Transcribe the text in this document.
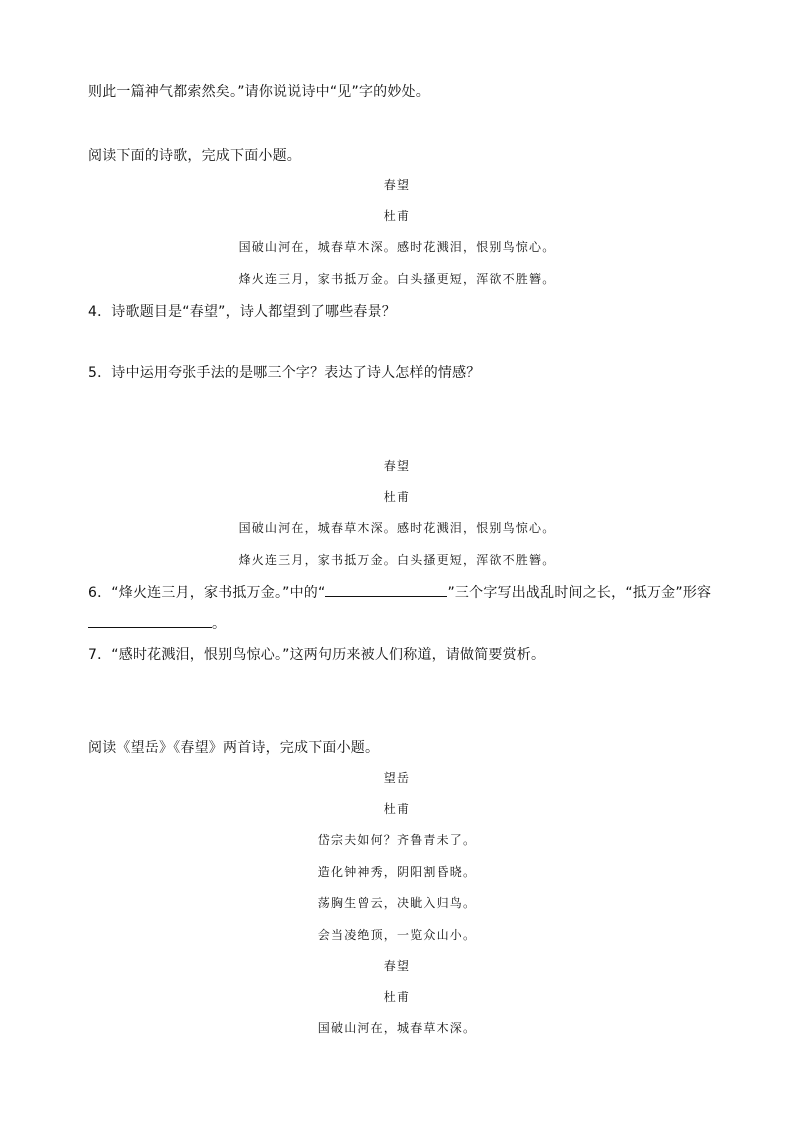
则此一篇神气都索然矣。”请你说说诗中“见”字的妙处。
阅读下面的诗歌，完成下面小题。
春望
杜甫
国破山河在，城春草木深。感时花溅泪，恨别鸟惊心。
烽火连三月，家书抵万金。白头搔更短，浑欲不胜簪。
4．诗歌题目是“春望”，诗人都望到了哪些春景？
5．诗中运用夸张手法的是哪三个字？表达了诗人怎样的情感？
春望
杜甫
国破山河在，城春草木深。感时花溅泪，恨别鸟惊心。
烽火连三月，家书抵万金。白头搔更短，浑欲不胜簪。
6．“烽火连三月，家书抵万金。”中的“	”三个字写出战乱时间之长，“抵万金”形容
。
7．“感时花溅泪，恨别鸟惊心。”这两句历来被人们称道，请做简要赏析。
阅读《望岳》《春望》两首诗，完成下面小题。
望岳
杜甫
岱宗夫如何？齐鲁青未了。
造化钟神秀，阴阳割昏晓。
荡胸生曾云，决眦入归鸟。
会当凌绝顶，一览众山小。
春望
杜甫
国破山河在，城春草木深。
